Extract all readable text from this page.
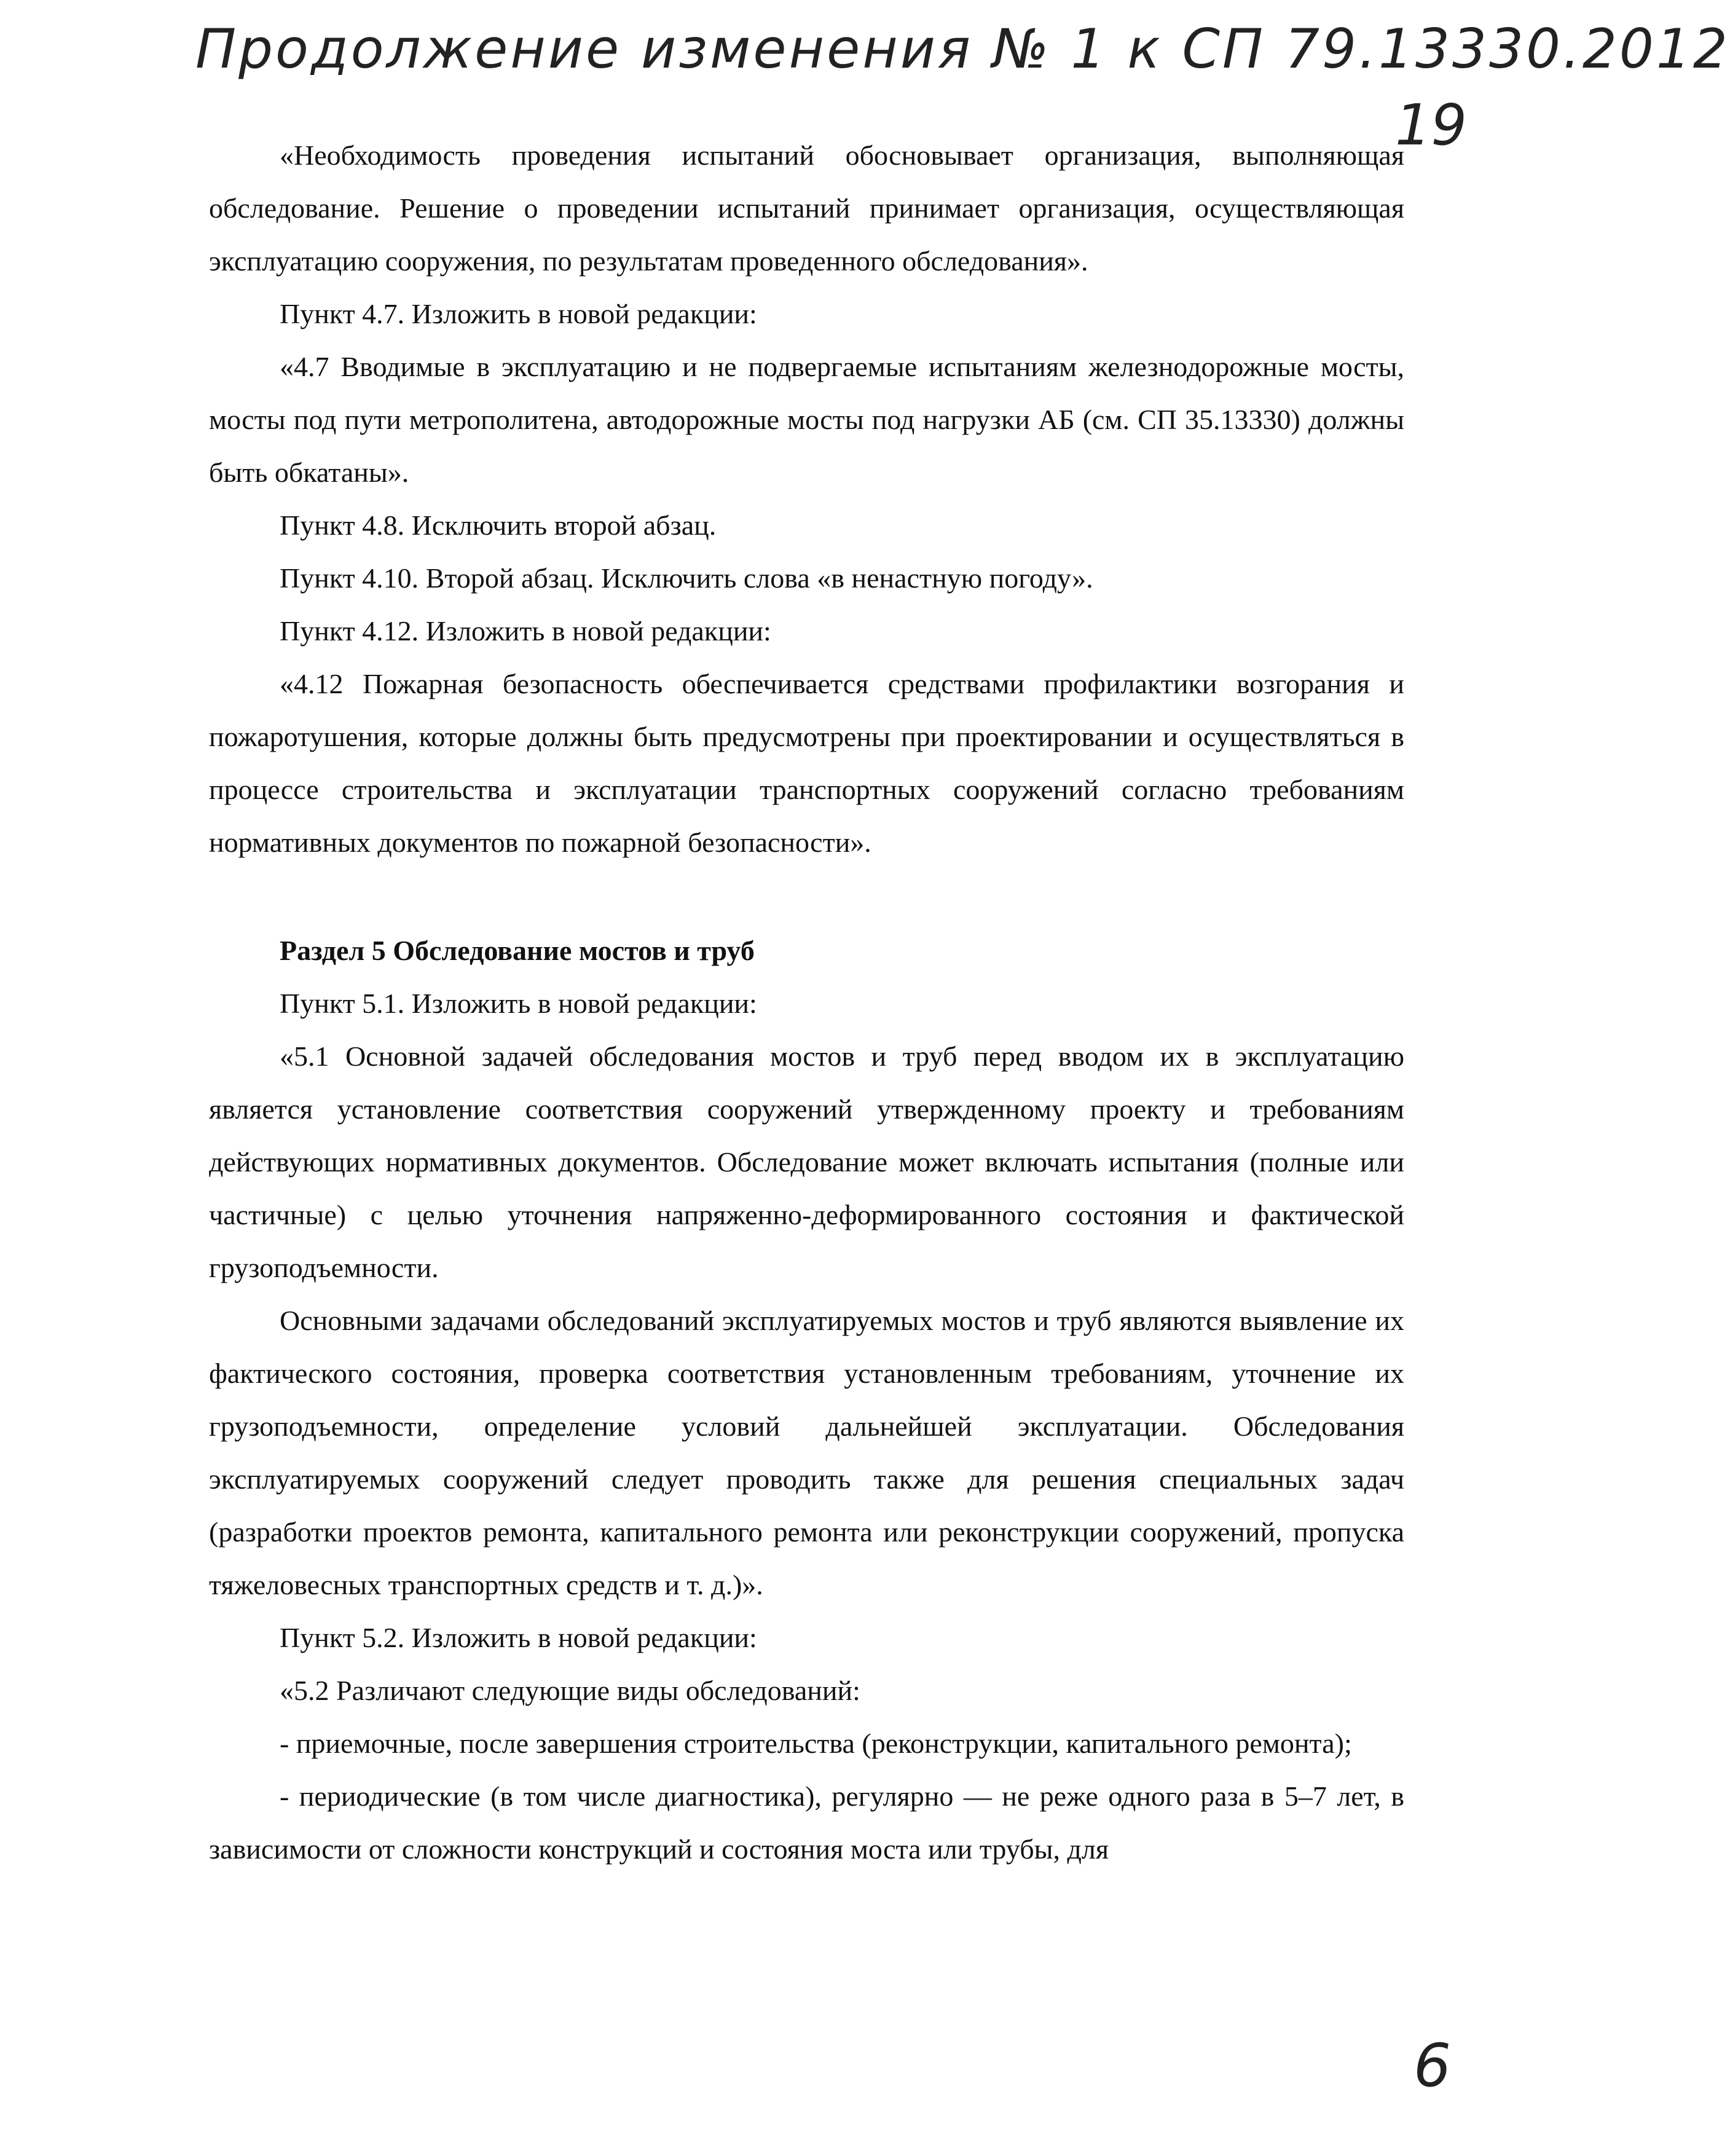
Продолжение изменения № 1 к СП 79.13330.2012
19

«Необходимость проведения испытаний обосновывает организация, выполняющая обследование. Решение о проведении испытаний принимает организация, осуществляющая эксплуатацию сооружения, по результатам проведенного обследования».

Пункт 4.7. Изложить в новой редакции:

«4.7 Вводимые в эксплуатацию и не подвергаемые испытаниям железнодорожные мосты, мосты под пути метрополитена, автодорожные мосты под нагрузки АБ (см. СП 35.13330) должны быть обкатаны».

Пункт 4.8. Исключить второй абзац.

Пункт 4.10. Второй абзац. Исключить слова «в ненастную погоду».

Пункт 4.12. Изложить в новой редакции:

«4.12 Пожарная безопасность обеспечивается средствами профилактики возгорания и пожаротушения, которые должны быть предусмотрены при проектировании и осуществляться в процессе строительства и эксплуатации транспортных сооружений согласно требованиям нормативных документов по пожарной безопасности».

Раздел 5 Обследование мостов и труб

Пункт 5.1. Изложить в новой редакции:

«5.1 Основной задачей обследования мостов и труб перед вводом их в эксплуатацию является установление соответствия сооружений утвержденному проекту и требованиям действующих нормативных документов. Обследование может включать испытания (полные или частичные) с целью уточнения напряженно-деформированного состояния и фактической грузоподъемности.

Основными задачами обследований эксплуатируемых мостов и труб являются выявление их фактического состояния, проверка соответствия установленным требованиям, уточнение их грузоподъемности, определение условий дальнейшей эксплуатации. Обследования эксплуатируемых сооружений следует проводить также для решения специальных задач (разработки проектов ремонта, капитального ремонта или реконструкции сооружений, пропуска тяжеловесных транспортных средств и т. д.)».

Пункт 5.2. Изложить в новой редакции:

«5.2 Различают следующие виды обследований:

- приемочные, после завершения строительства (реконструкции, капитального ремонта);

- периодические (в том числе диагностика), регулярно — не реже одного раза в 5–7 лет, в зависимости от сложности конструкций и состояния моста или трубы, для

6
